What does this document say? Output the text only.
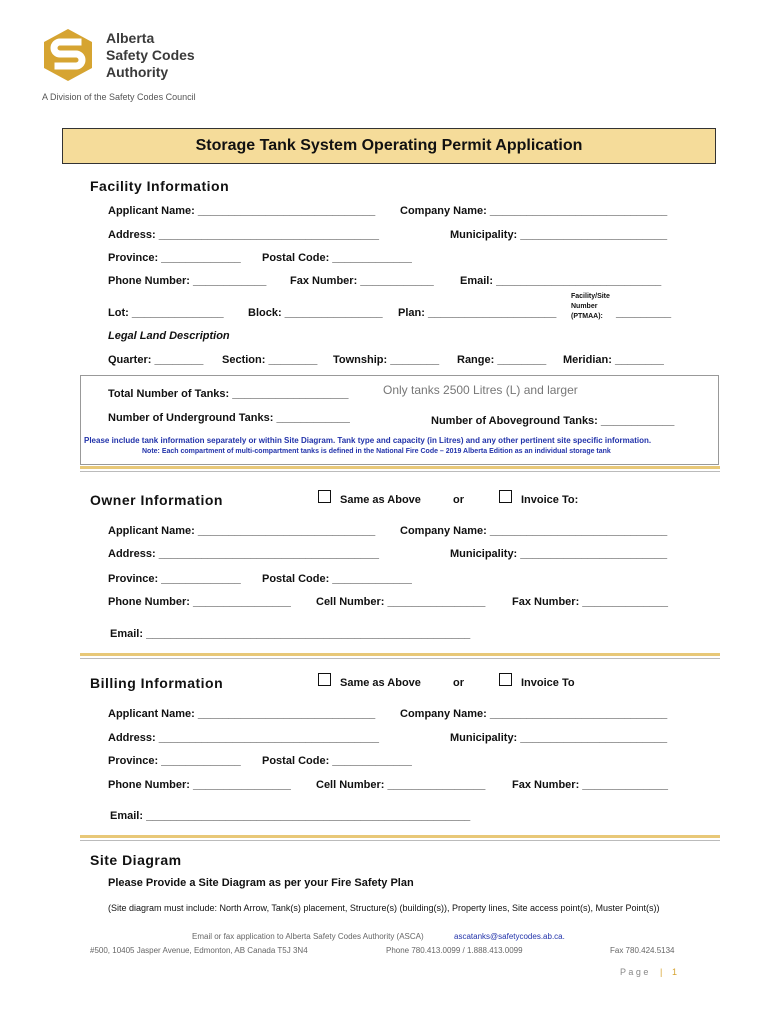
Alberta
Safety Codes
Authority
A Division of the Safety Codes Council
Storage Tank System Operating Permit Application
Facility Information
Applicant Name: _____________________________ Company Name: _____________________________
Address: ____________________________________	Municipality: ________________________
Province: _____________ Postal Code: _____________
Phone Number: ____________ Fax Number: ____________ Email: ___________________________
Lot: _______________ Block: ________________ Plan: _____________________
Facility/Site
Number
(PTMAA): _________
Legal Land Description
Quarter: ________ Section: ________ Township: ________ Range: ________ Meridian: ________
Total Number of Tanks: ___________________	Only tanks 2500 Litres (L) and larger
Number of Underground Tanks: ____________	Number of Aboveground Tanks: ____________
Please include tank information separately or within Site Diagram. Tank type and capacity (in Litres) and any other pertinent site specific information.
Note: Each compartment of multi-compartment tanks is defined in the National Fire Code – 2019 Alberta Edition as an individual storage tank
Owner Information	Same as Above	or	Invoice To:
Applicant Name: _____________________________ Company Name: _____________________________
Address: ____________________________________	Municipality: ________________________
Province: _____________ Postal Code: _____________
Phone Number: ________________ Cell Number: ________________ Fax Number: ______________
Email: _____________________________________________________
Billing Information	Same as Above	or	Invoice To
Applicant Name: _____________________________ Company Name: _____________________________
Address: ____________________________________	Municipality: ________________________
Province: _____________ Postal Code: _____________
Phone Number: ________________ Cell Number: ________________ Fax Number: ______________
Email: _____________________________________________________
Site Diagram
Please Provide a Site Diagram as per your Fire Safety Plan
(Site diagram must include: North Arrow, Tank(s) placement, Structure(s) (building(s)), Property lines, Site access point(s), Muster Point(s))
Email or fax application to Alberta Safety Codes Authority (ASCA)	ascatanks@safetycodes.ab.ca.
#500, 10405 Jasper Avenue, Edmonton, AB Canada T5J 3N4	Phone 780.413.0099 / 1.888.413.0099	Fax 780.424.5134
P a g e | 1
